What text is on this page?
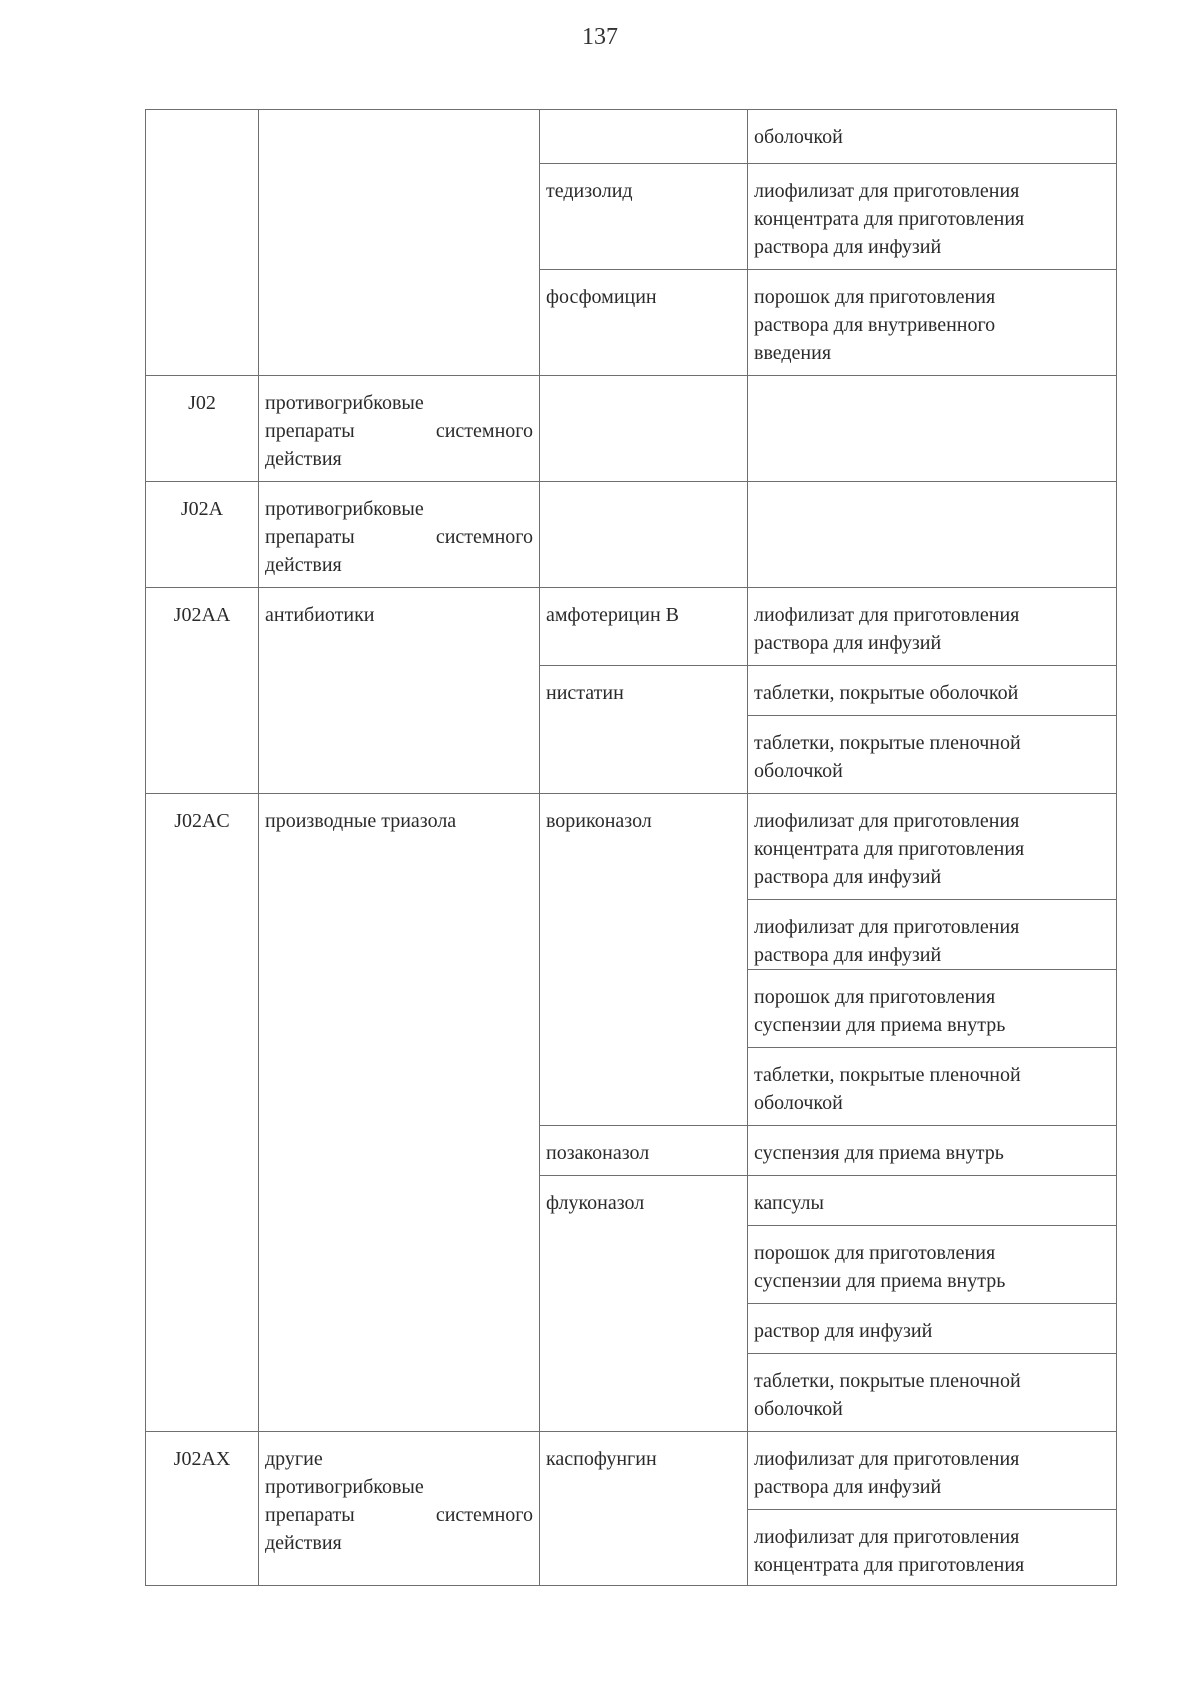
137

			оболочкой

		тедизолид	лиофилизат для приготовления
концентрата для приготовления
раствора для инфузий

		фосфомицин	порошок для приготовления
раствора для внутривенного
введения

J02	противогрибковые
препараты системного
действия		

J02A	противогрибковые
препараты системного
действия		

J02AA	антибиотики	амфотерицин В	лиофилизат для приготовления
раствора для инфузий

		нистатин	таблетки, покрытые оболочкой

			таблетки, покрытые пленочной
оболочкой

J02AC	производные триазола	вориконазол	лиофилизат для приготовления
концентрата для приготовления
раствора для инфузий

			лиофилизат для приготовления
раствора для инфузий

			порошок для приготовления
суспензии для приема внутрь

			таблетки, покрытые пленочной
оболочкой

		позаконазол	суспензия для приема внутрь

		флуконазол	капсулы

			порошок для приготовления
суспензии для приема внутрь

			раствор для инфузий

			таблетки, покрытые пленочной
оболочкой

J02AX	другие
противогрибковые
препараты системного
действия	каспофунгин	лиофилизат для приготовления
раствора для инфузий

			лиофилизат для приготовления
концентрата для приготовления
